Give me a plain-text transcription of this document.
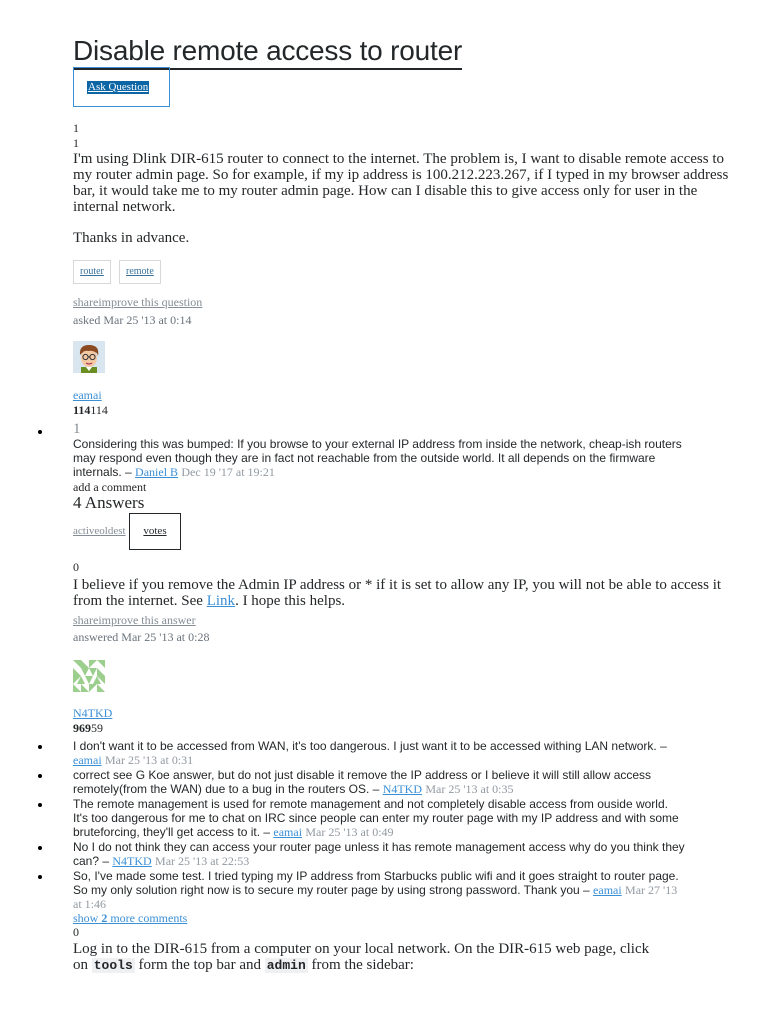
Disable remote access to router
Ask Question
1
1
I'm using Dlink DIR-615 router to connect to the internet. The problem is, I want to disable remote access to
my router admin page. So for example, if my ip address is 100.212.223.267, if I typed in my browser address
bar, it would take me to my router admin page. How can I disable this to give access only for user in the
internal network.
Thanks in advance.
router	remote
shareimprove this question
asked Mar 25 '13 at 0:14
eamai
114114
1
Considering this was bumped: If you browse to your external IP address from inside the network, cheap-ish routers
may respond even though they are in fact not reachable from the outside world. It all depends on the firmware
internals. – Daniel B Dec 19 '17 at 19:21
add a comment
4 Answers
activeoldest	votes
0
I believe if you remove the Admin IP address or * if it is set to allow any IP, you will not be able to access it
from the internet. See Link. I hope this helps.
shareimprove this answer
answered Mar 25 '13 at 0:28
N4TKD
96959
I don't want it to be accessed from WAN, it's too dangerous. I just want it to be accessed withing LAN network. –
eamai Mar 25 '13 at 0:31
correct see G Koe answer, but do not just disable it remove the IP address or I believe it will still allow access
remotely(from the WAN) due to a bug in the routers OS. – N4TKD Mar 25 '13 at 0:35
The remote management is used for remote management and not completely disable access from ouside world.
It's too dangerous for me to chat on IRC since people can enter my router page with my IP address and with some
bruteforcing, they'll get access to it. – eamai Mar 25 '13 at 0:49
No I do not think they can access your router page unless it has remote management access why do you think they
can? – N4TKD Mar 25 '13 at 22:53
So, I've made some test. I tried typing my IP address from Starbucks public wifi and it goes straight to router page.
So my only solution right now is to secure my router page by using strong password. Thank you – eamai Mar 27 '13
at 1:46
show 2 more comments
0
Log in to the DIR-615 from a computer on your local network. On the DIR-615 web page, click
on tools form the top bar and admin from the sidebar:
